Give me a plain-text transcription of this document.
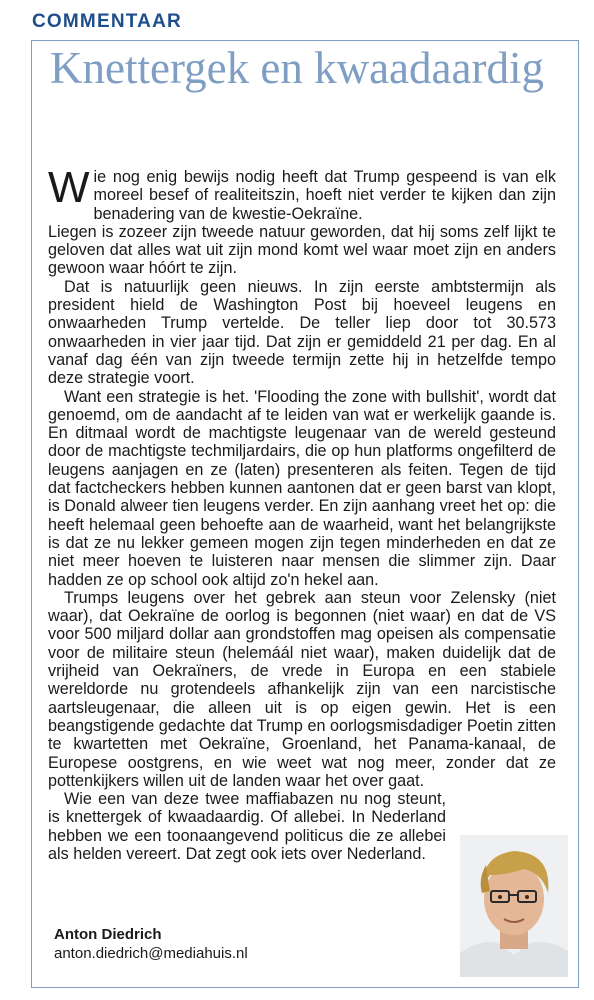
COMMENTAAR
Knettergek en kwaadaardig

Wie nog enig bewijs nodig heeft dat Trump gespeend is van elk moreel besef of realiteitszin, hoeft niet verder te kijken dan zijn benadering van de kwestie-Oekraïne.

Liegen is zozeer zijn tweede natuur geworden, dat hij soms zelf lijkt te geloven dat alles wat uit zijn mond komt wel waar moet zijn en anders gewoon waar hóórt te zijn.

Dat is natuurlijk geen nieuws. In zijn eerste ambtstermijn als president hield de Washington Post bij hoeveel leugens en onwaarheden Trump vertelde. De teller liep door tot 30.573 onwaarheden in vier jaar tijd. Dat zijn er gemiddeld 21 per dag. En al vanaf dag één van zijn tweede termijn zette hij in hetzelfde tempo deze strategie voort.

Want een strategie is het. 'Flooding the zone with bullshit', wordt dat genoemd, om de aandacht af te leiden van wat er werkelijk gaande is. En ditmaal wordt de machtigste leugenaar van de wereld gesteund door de machtigste techmiljardairs, die op hun platforms ongefilterd de leugens aanjagen en ze (laten) presenteren als feiten. Tegen de tijd dat factcheckers hebben kunnen aantonen dat er geen barst van klopt, is Donald alweer tien leugens verder. En zijn aanhang vreet het op: die heeft helemaal geen behoefte aan de waarheid, want het belangrijkste is dat ze nu lekker gemeen mogen zijn tegen minderheden en dat ze niet meer hoeven te luisteren naar mensen die slimmer zijn. Daar hadden ze op school ook altijd zo'n hekel aan.

Trumps leugens over het gebrek aan steun voor Zelensky (niet waar), dat Oekraïne de oorlog is begonnen (niet waar) en dat de VS voor 500 miljard dollar aan grondstoffen mag opeisen als compensatie voor de militaire steun (helemáál niet waar), maken duidelijk dat de vrijheid van Oekraïners, de vrede in Europa en een stabiele wereldorde nu grotendeels afhankelijk zijn van een narcistische aartsleugenaar, die alleen uit is op eigen gewin. Het is een beangstigende gedachte dat Trump en oorlogsmisdadiger Poetin zitten te kwartetten met Oekraïne, Groenland, het Panama-kanaal, de Europese oostgrens, en wie weet wat nog meer, zonder dat ze pottenkijkers willen uit de landen waar het over gaat.

Wie een van deze twee maffiabazen nu nog steunt, is knettergek of kwaadaardig. Of allebei. In Nederland hebben we een toonaangevend politicus die ze allebei als helden vereert. Dat zegt ook iets over Nederland.

Anton Diedrich
anton.diedrich@mediahuis.nl
